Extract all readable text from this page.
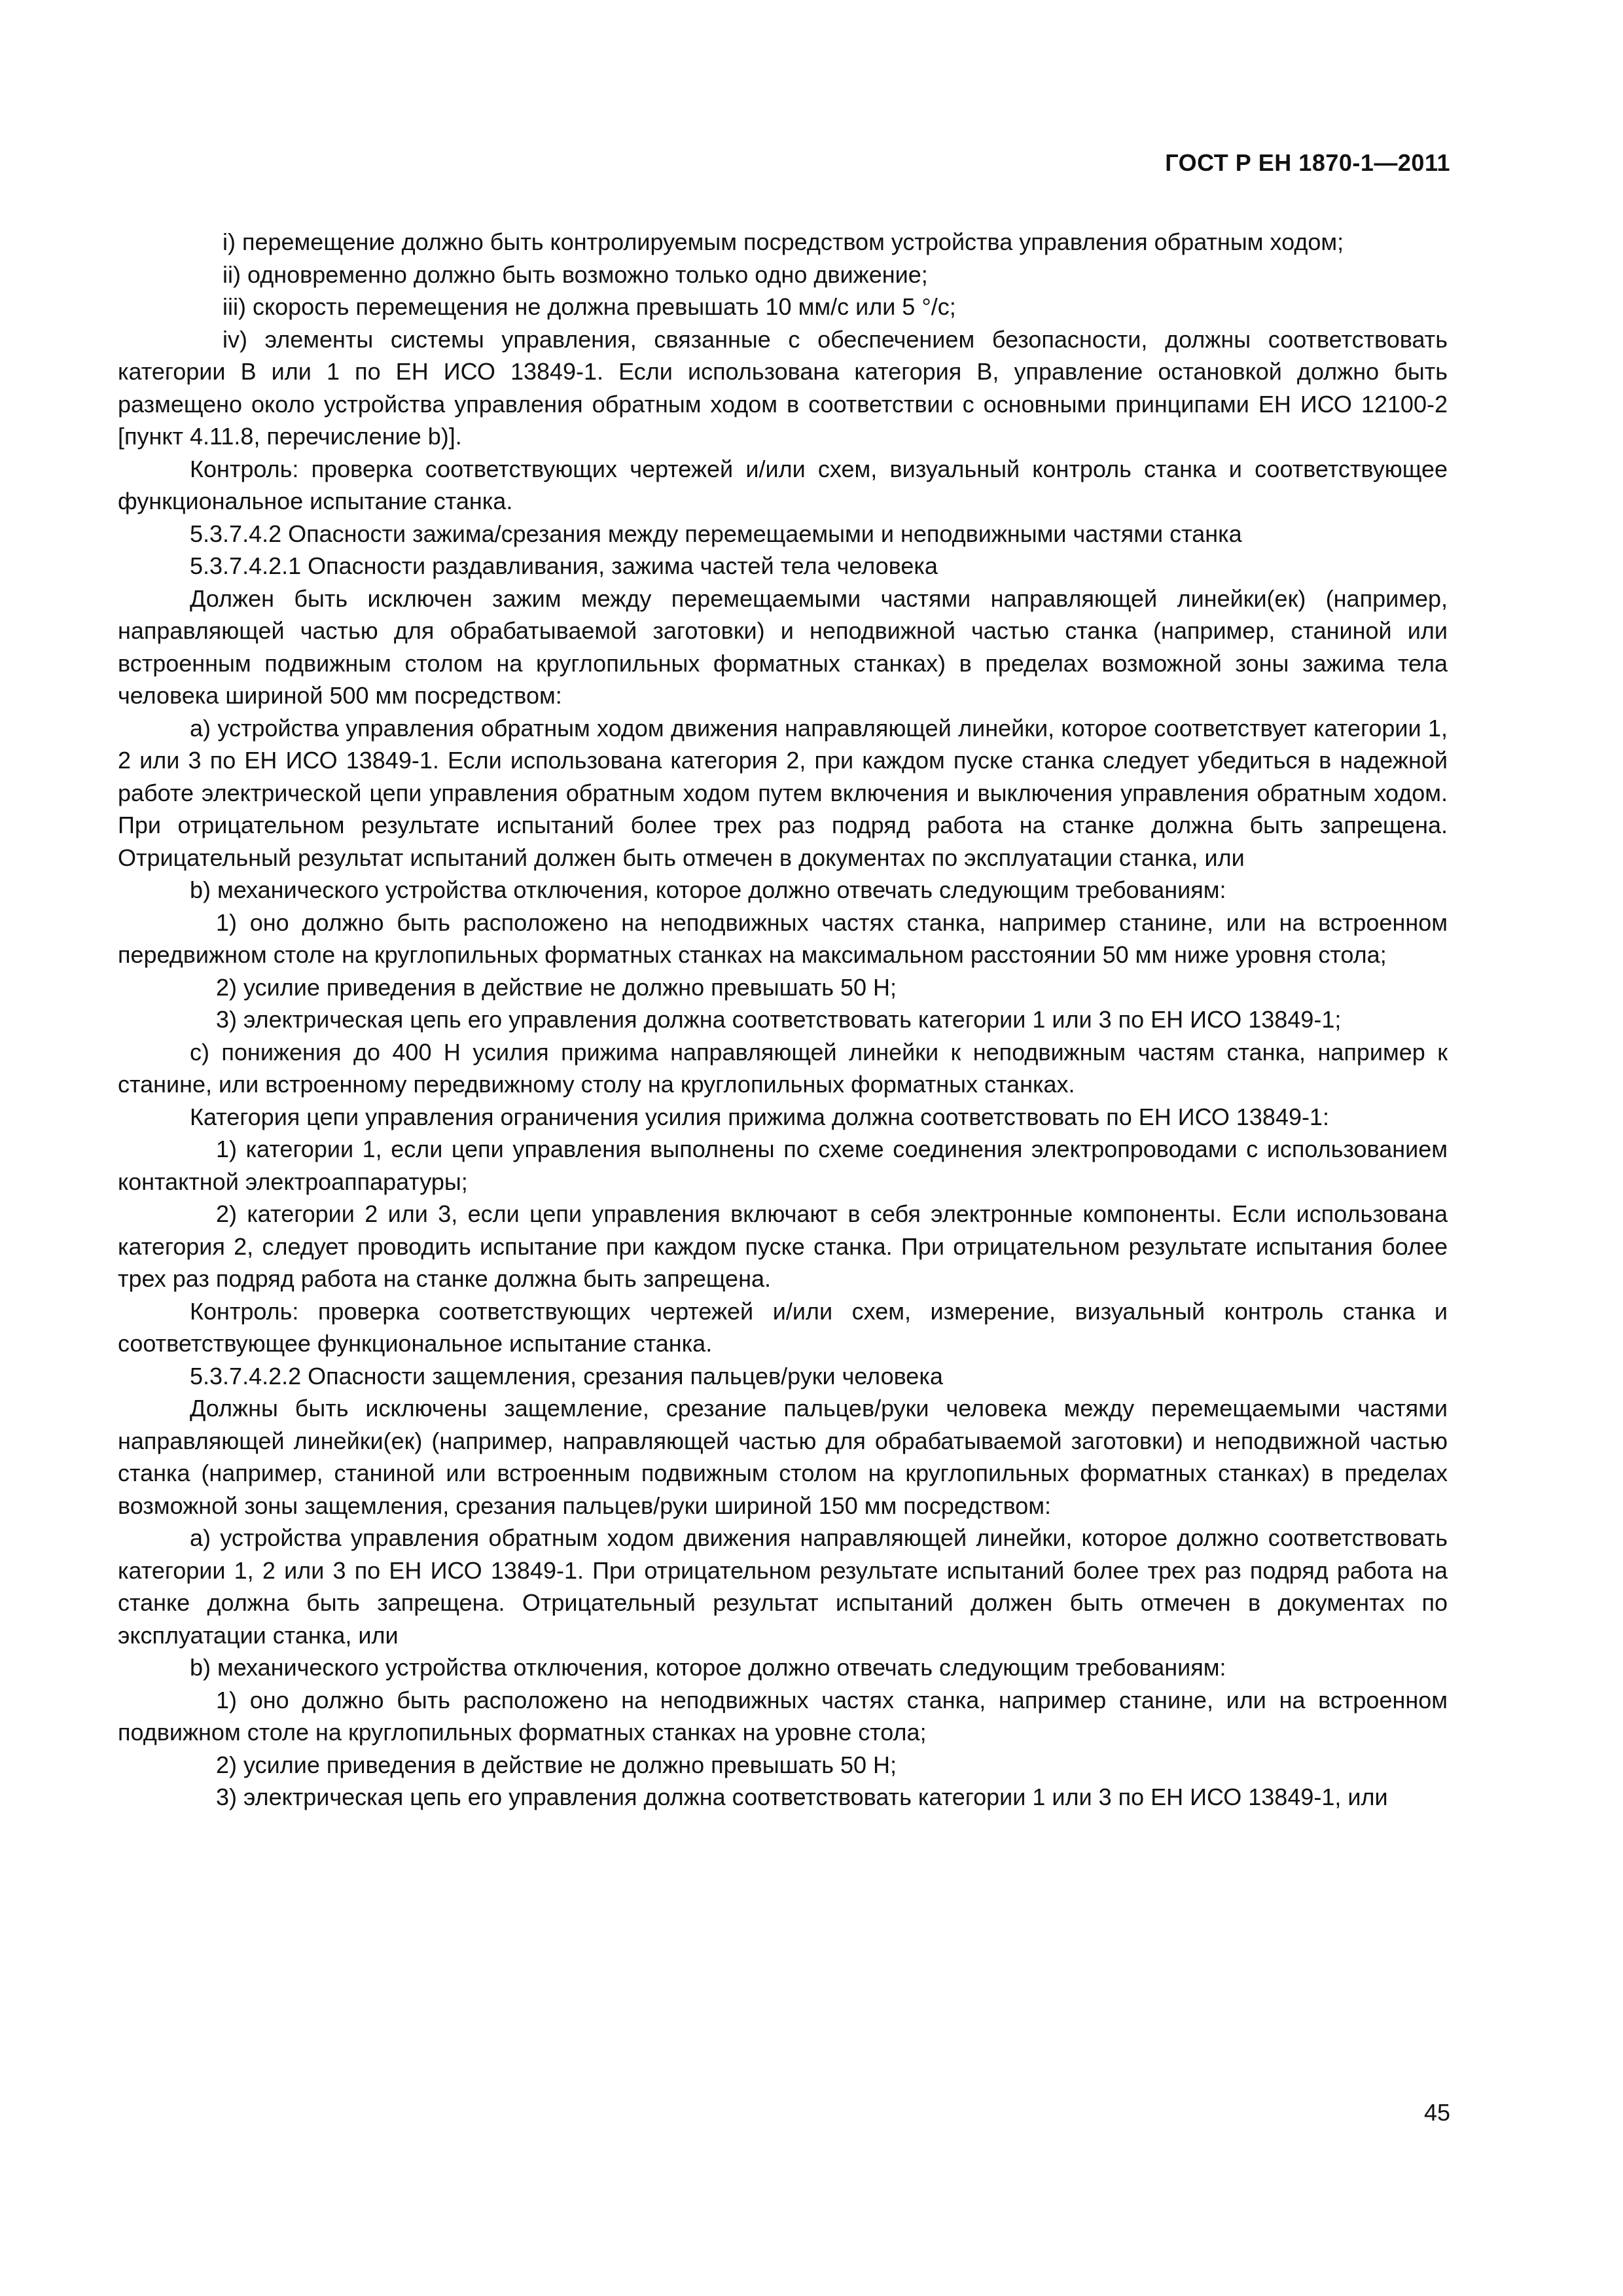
ГОСТ Р ЕН 1870-1—2011

i) перемещение должно быть контролируемым посредством устройства управления обратным ходом;

ii) одновременно должно быть возможно только одно движение;

iii) скорость перемещения не должна превышать 10 мм/с или 5 °/с;

iv) элементы системы управления, связанные с обеспечением безопасности, должны соответствовать категории В или 1 по ЕН ИСО 13849-1. Если использована категория В, управление остановкой должно быть размещено около устройства управления обратным ходом в соответствии с основными принципами ЕН ИСО 12100-2 [пункт 4.11.8, перечисление b)].

Контроль: проверка соответствующих чертежей и/или схем, визуальный контроль станка и соответствующее функциональное испытание станка.

5.3.7.4.2 Опасности зажима/срезания между перемещаемыми и неподвижными частями станка

5.3.7.4.2.1 Опасности раздавливания, зажима частей тела человека

Должен быть исключен зажим между перемещаемыми частями направляющей линейки(ек) (например, направляющей частью для обрабатываемой заготовки) и неподвижной частью станка (например, станиной или встроенным подвижным столом на круглопильных форматных станках) в пределах возможной зоны зажима тела человека шириной 500 мм посредством:

a) устройства управления обратным ходом движения направляющей линейки, которое соответствует категории 1, 2 или 3 по ЕН ИСО 13849-1. Если использована категория 2, при каждом пуске станка следует убедиться в надежной работе электрической цепи управления обратным ходом путем включения и выключения управления обратным ходом. При отрицательном результате испытаний более трех раз подряд работа на станке должна быть запрещена. Отрицательный результат испытаний должен быть отмечен в документах по эксплуатации станка, или

b) механического устройства отключения, которое должно отвечать следующим требованиям:

1) оно должно быть расположено на неподвижных частях станка, например станине, или на встроенном передвижном столе на круглопильных форматных станках на максимальном расстоянии 50 мм ниже уровня стола;

2) усилие приведения в действие не должно превышать 50 Н;

3) электрическая цепь его управления должна соответствовать категории 1 или 3 по ЕН ИСО 13849-1;

c) понижения до 400 Н усилия прижима направляющей линейки к неподвижным частям станка, например к станине, или встроенному передвижному столу на круглопильных форматных станках.

Категория цепи управления ограничения усилия прижима должна соответствовать по ЕН ИСО 13849-1:

1) категории 1, если цепи управления выполнены по схеме соединения электропроводами с использованием контактной электроаппаратуры;

2) категории 2 или 3, если цепи управления включают в себя электронные компоненты. Если использована категория 2, следует проводить испытание при каждом пуске станка. При отрицательном результате испытания более трех раз подряд работа на станке должна быть запрещена.

Контроль: проверка соответствующих чертежей и/или схем, измерение, визуальный контроль станка и соответствующее функциональное испытание станка.

5.3.7.4.2.2 Опасности защемления, срезания пальцев/руки человека

Должны быть исключены защемление, срезание пальцев/руки человека между перемещаемыми частями направляющей линейки(ек) (например, направляющей частью для обрабатываемой заготовки) и неподвижной частью станка (например, станиной или встроенным подвижным столом на круглопильных форматных станках) в пределах возможной зоны защемления, срезания пальцев/руки шириной 150 мм посредством:

a) устройства управления обратным ходом движения направляющей линейки, которое должно соответствовать категории 1, 2 или 3 по ЕН ИСО 13849-1. При отрицательном результате испытаний более трех раз подряд работа на станке должна быть запрещена. Отрицательный результат испытаний должен быть отмечен в документах по эксплуатации станка, или

b) механического устройства отключения, которое должно отвечать следующим требованиям:

1) оно должно быть расположено на неподвижных частях станка, например станине, или на встроенном подвижном столе на круглопильных форматных станках на уровне стола;

2) усилие приведения в действие не должно превышать 50 Н;

3) электрическая цепь его управления должна соответствовать категории 1 или 3 по ЕН ИСО 13849-1, или

45
